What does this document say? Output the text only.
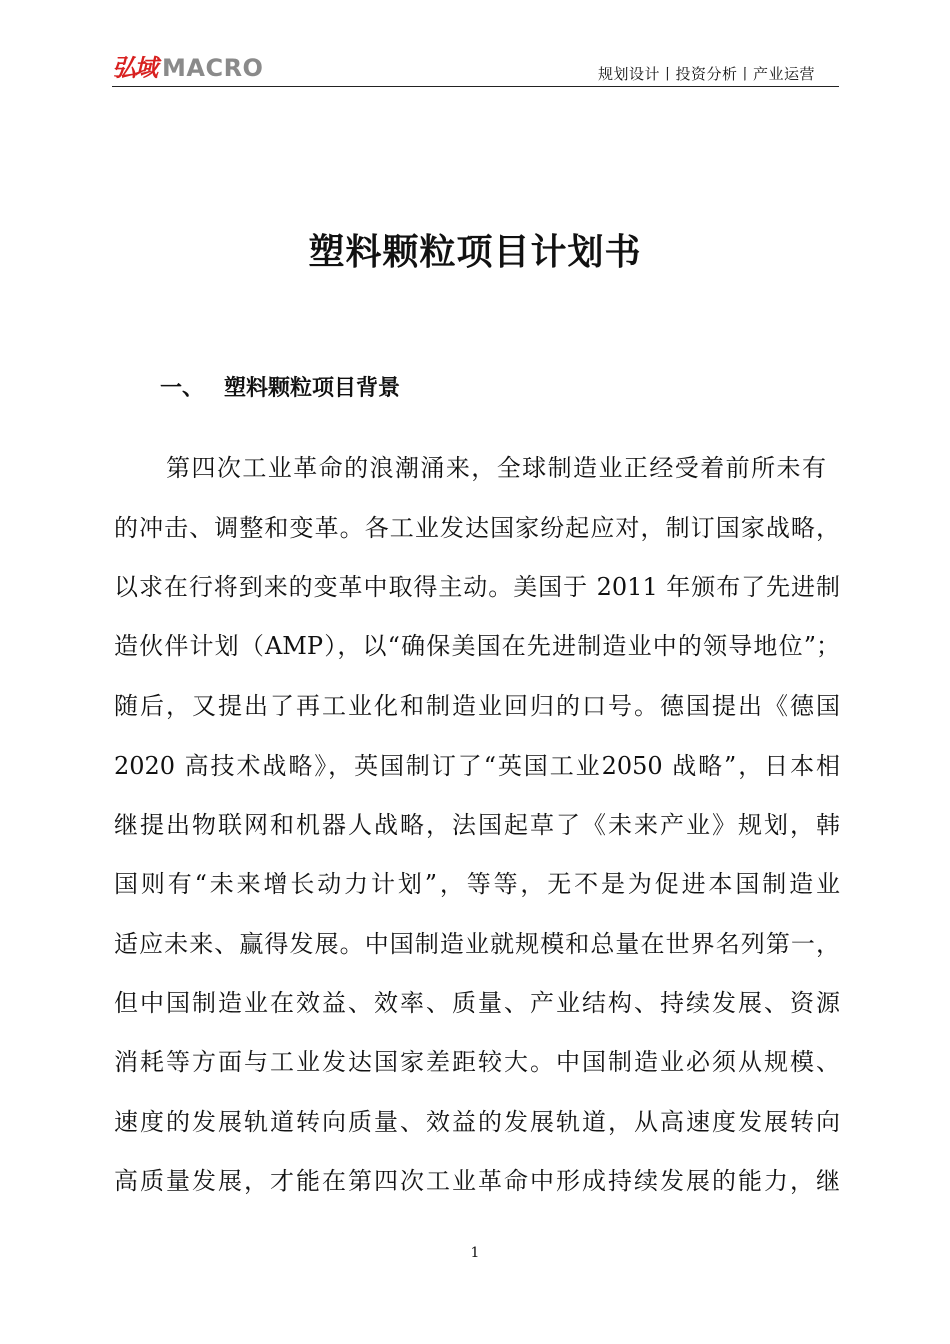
弘域 MACRO	规划设计丨投资分析丨产业运营
塑料颗粒项目计划书
一、 塑料颗粒项目背景
第四次工业革命的浪潮涌来，全球制造业正经受着前所未有
的冲击、调整和变革。各工业发达国家纷起应对，制订国家战略，
以求在行将到来的变革中取得主动。美国于 2011 年颁布了先进制
造伙伴计划（AMP），以“确保美国在先进制造业中的领导地位”；
随后，又提出了再工业化和制造业回归的口号。德国提出《德国
2020 高技术战略》，英国制订了“英国工业2050 战略”，日本相
继提出物联网和机器人战略，法国起草了《未来产业》规划，韩
国则有“未来增长动力计划”，等等，无不是为促进本国制造业
适应未来、赢得发展。中国制造业就规模和总量在世界名列第一，
但中国制造业在效益、效率、质量、产业结构、持续发展、资源
消耗等方面与工业发达国家差距较大。中国制造业必须从规模、
速度的发展轨道转向质量、效益的发展轨道，从高速度发展转向
高质量发展，才能在第四次工业革命中形成持续发展的能力，继
1
